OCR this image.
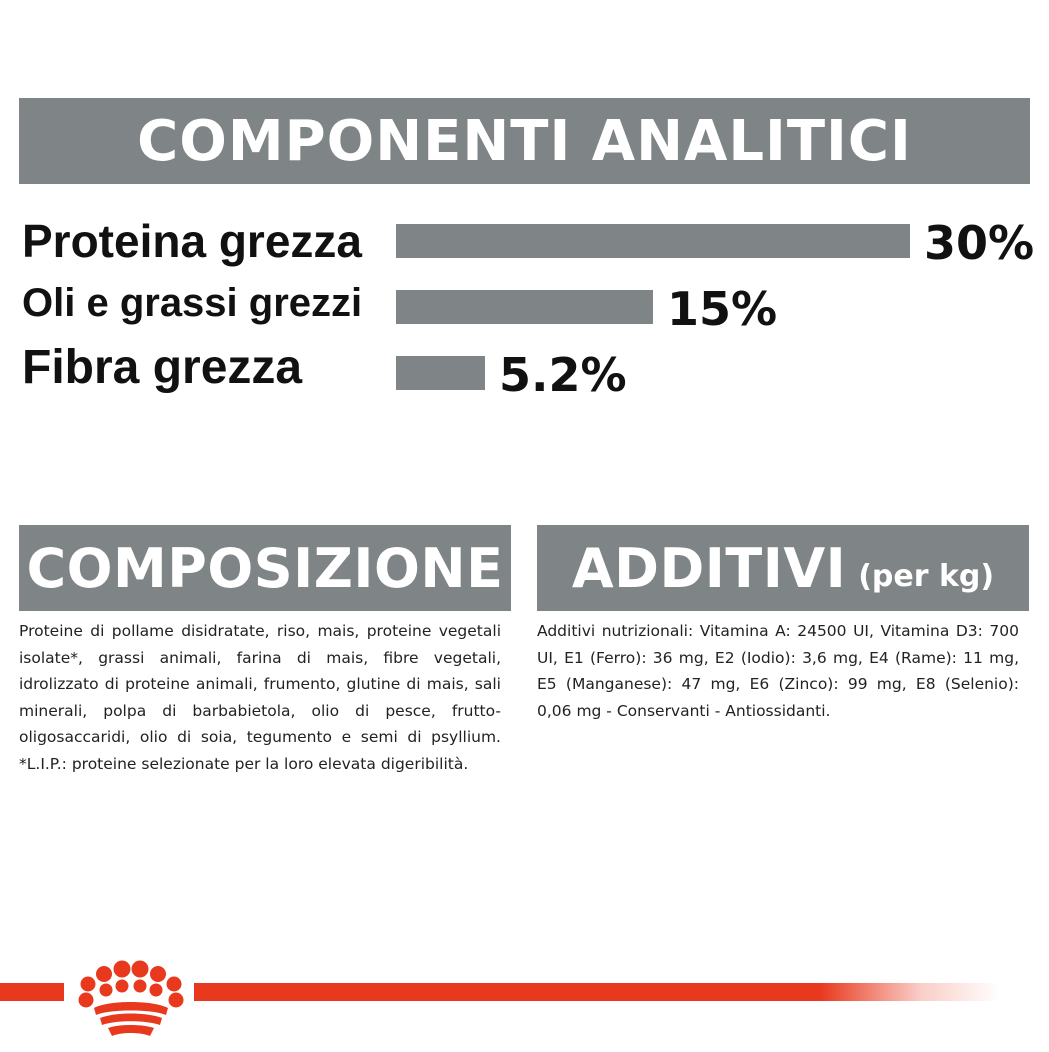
COMPONENTI ANALITICI
Proteina grezza	30%
Oli e grassi grezzi	15%
Fibra grezza	5.2%
COMPOSIZIONE

Proteine di pollame disidratate, riso, mais, proteine vegetali isolate*, grassi animali, farina di mais, fibre vegetali, idrolizzato di proteine animali, frumento, glutine di mais, sali minerali, polpa di barbabietola, olio di pesce, frutto-oligosaccaridi, olio di soia, tegumento e semi di psyllium. *L.I.P.: proteine selezionate per la loro elevata digeribilità.

ADDITIVI (per kg)

Additivi nutrizionali: Vitamina A: 24500 UI, Vitamina D3: 700 UI, E1 (Ferro): 36 mg, E2 (Iodio): 3,6 mg, E4 (Rame): 11 mg, E5 (Manganese): 47 mg, E6 (Zinco): 99 mg, E8 (Selenio): 0,06 mg - Conservanti - Antiossidanti.
